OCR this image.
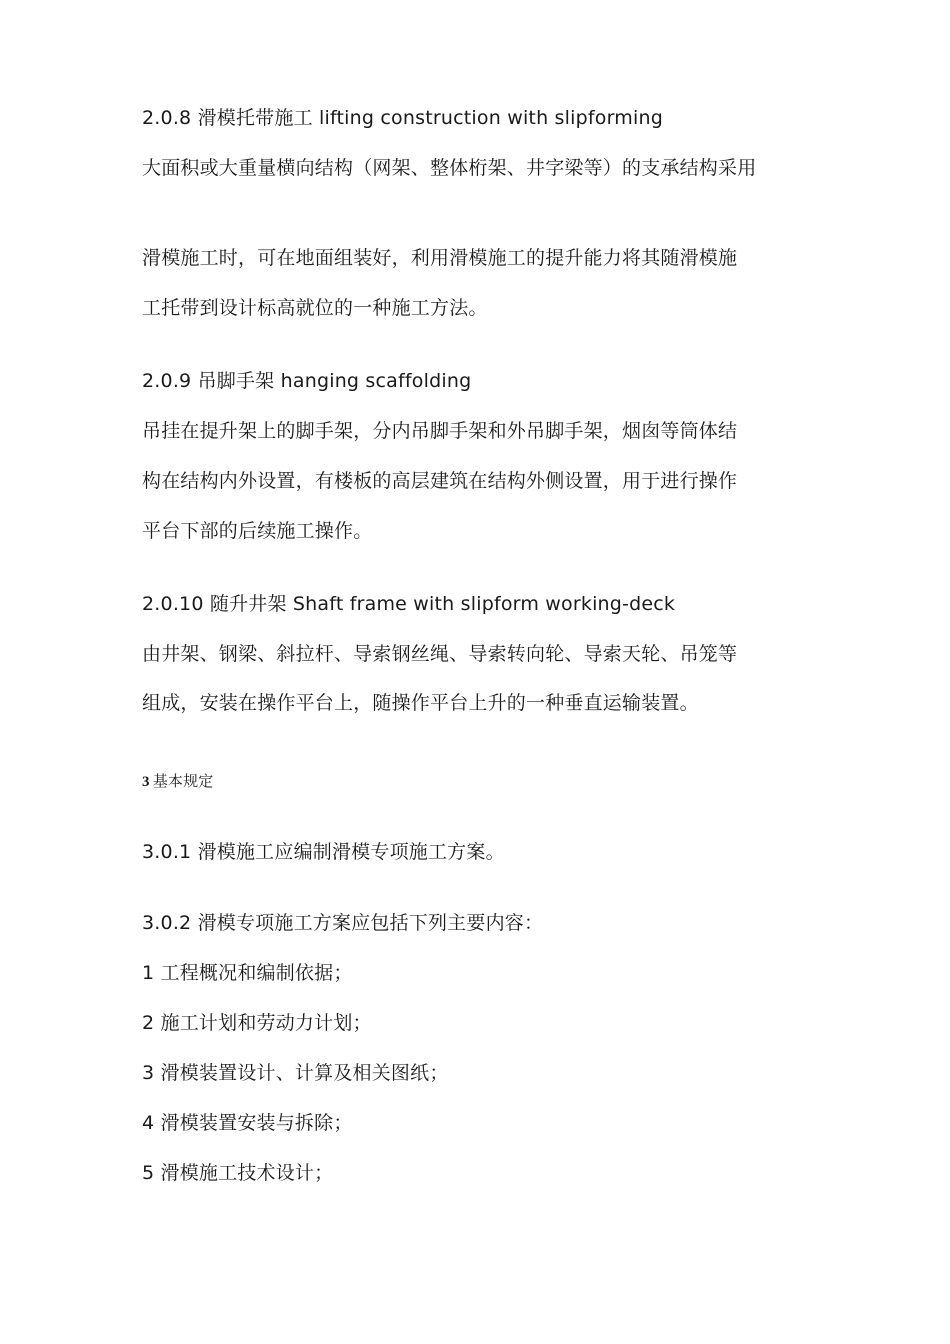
2.0.8 滑模托带施工 lifting construction with slipforming
大面积或大重量横向结构（网架、整体桁架、井字梁等）的支承结构采用
滑模施工时，可在地面组装好，利用滑模施工的提升能力将其随滑模施
工托带到设计标高就位的一种施工方法。
2.0.9 吊脚手架 hanging scaffolding
吊挂在提升架上的脚手架，分内吊脚手架和外吊脚手架，烟囱等筒体结
构在结构内外设置，有楼板的高层建筑在结构外侧设置，用于进行操作
平台下部的后续施工操作。
2.0.10 随升井架 Shaft frame with slipform working-deck
由井架、钢梁、斜拉杆、导索钢丝绳、导索转向轮、导索天轮、吊笼等
组成，安装在操作平台上，随操作平台上升的一种垂直运输装置。
3 基本规定
3.0.1 滑模施工应编制滑模专项施工方案。
3.0.2 滑模专项施工方案应包括下列主要内容：
1 工程概况和编制依据；
2 施工计划和劳动力计划；
3 滑模装置设计、计算及相关图纸；
4 滑模装置安装与拆除；
5 滑模施工技术设计；
